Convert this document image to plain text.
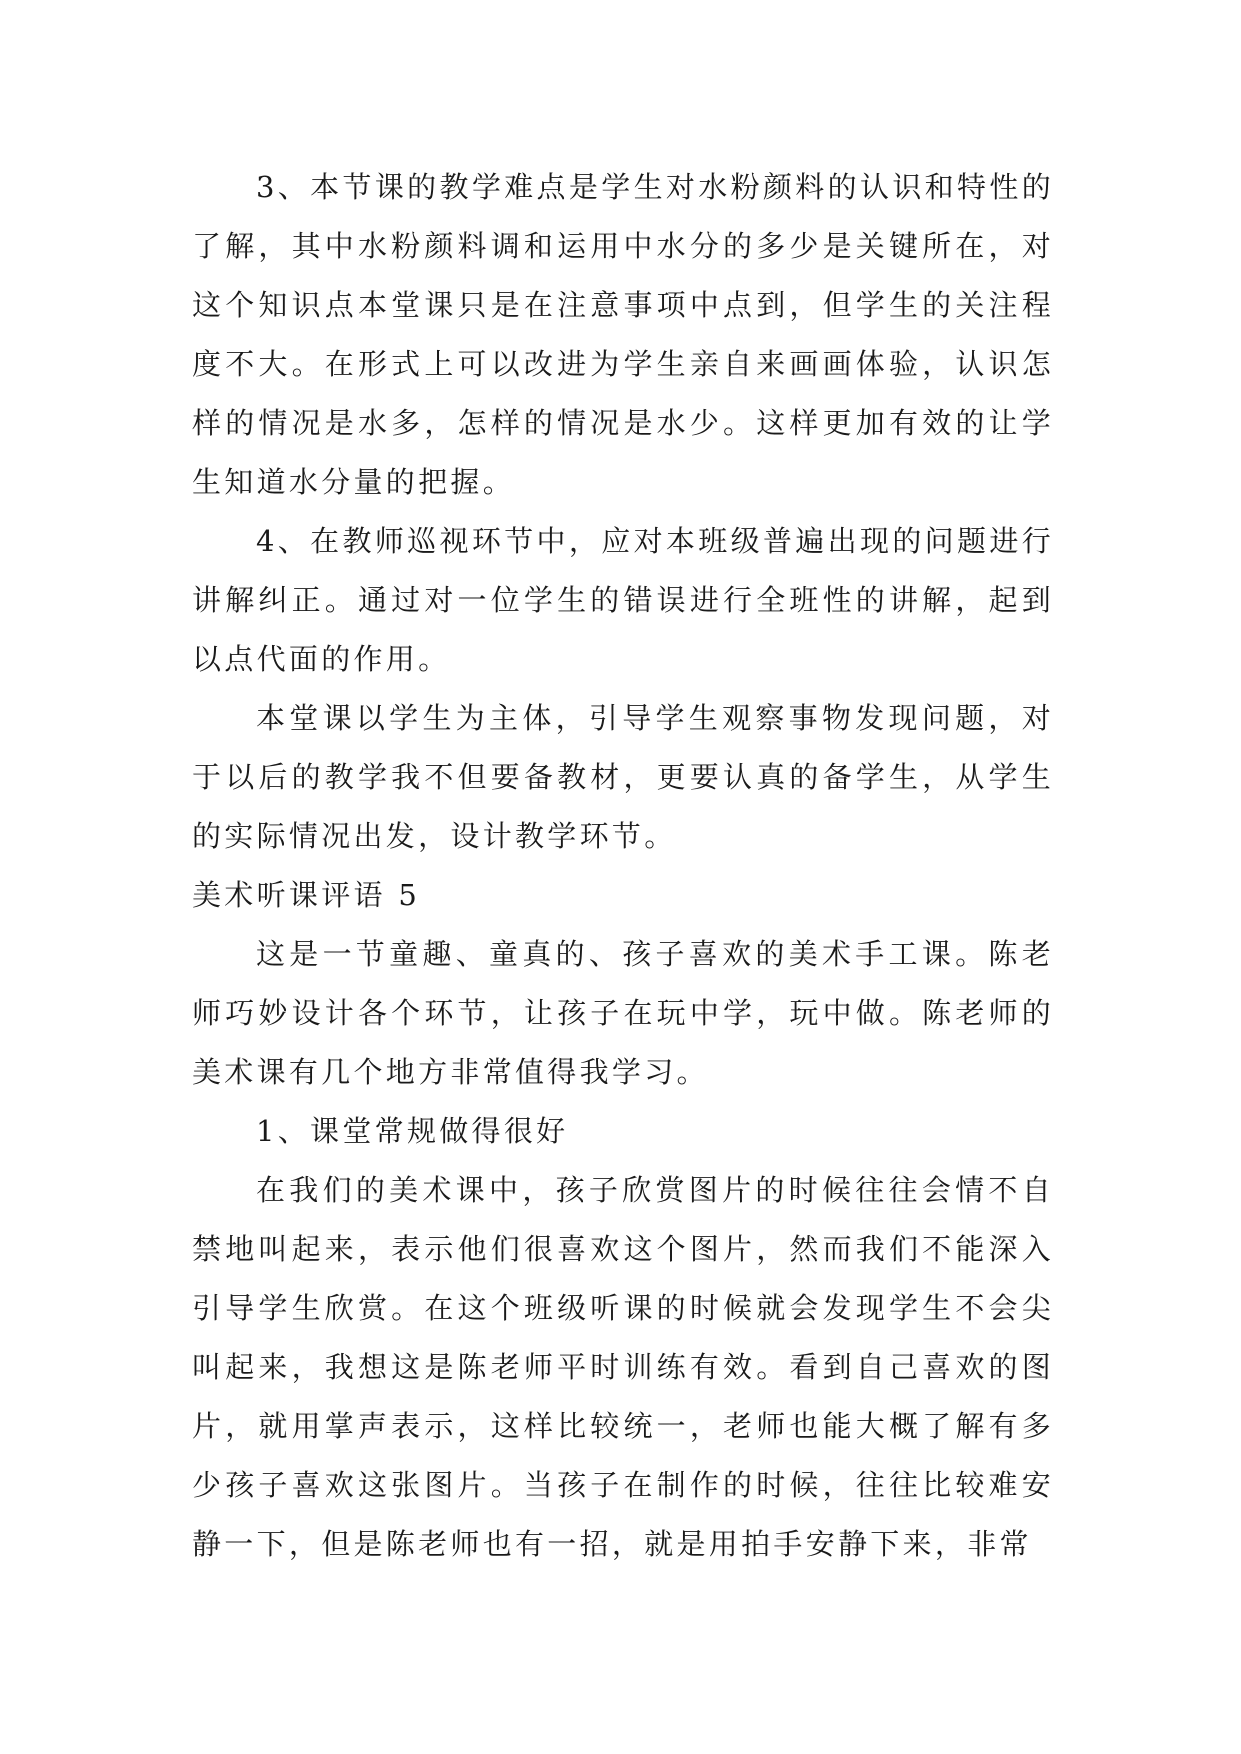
3、本节课的教学难点是学生对水粉颜料的认识和特性的了解，其中水粉颜料调和运用中水分的多少是关键所在，对这个知识点本堂课只是在注意事项中点到，但学生的关注程度不大。在形式上可以改进为学生亲自来画画体验，认识怎样的情况是水多，怎样的情况是水少。这样更加有效的让学生知道水分量的把握。

4、在教师巡视环节中，应对本班级普遍出现的问题进行讲解纠正。通过对一位学生的错误进行全班性的讲解，起到以点代面的作用。

本堂课以学生为主体，引导学生观察事物发现问题，对于以后的教学我不但要备教材，更要认真的备学生，从学生的实际情况出发，设计教学环节。

美术听课评语 5

这是一节童趣、童真的、孩子喜欢的美术手工课。陈老师巧妙设计各个环节，让孩子在玩中学，玩中做。陈老师的美术课有几个地方非常值得我学习。

1、课堂常规做得很好

在我们的美术课中，孩子欣赏图片的时候往往会情不自禁地叫起来，表示他们很喜欢这个图片，然而我们不能深入引导学生欣赏。在这个班级听课的时候就会发现学生不会尖叫起来，我想这是陈老师平时训练有效。看到自己喜欢的图片，就用掌声表示，这样比较统一，老师也能大概了解有多少孩子喜欢这张图片。当孩子在制作的时候，往往比较难安静一下，但是陈老师也有一招，就是用拍手安静下来，非常
